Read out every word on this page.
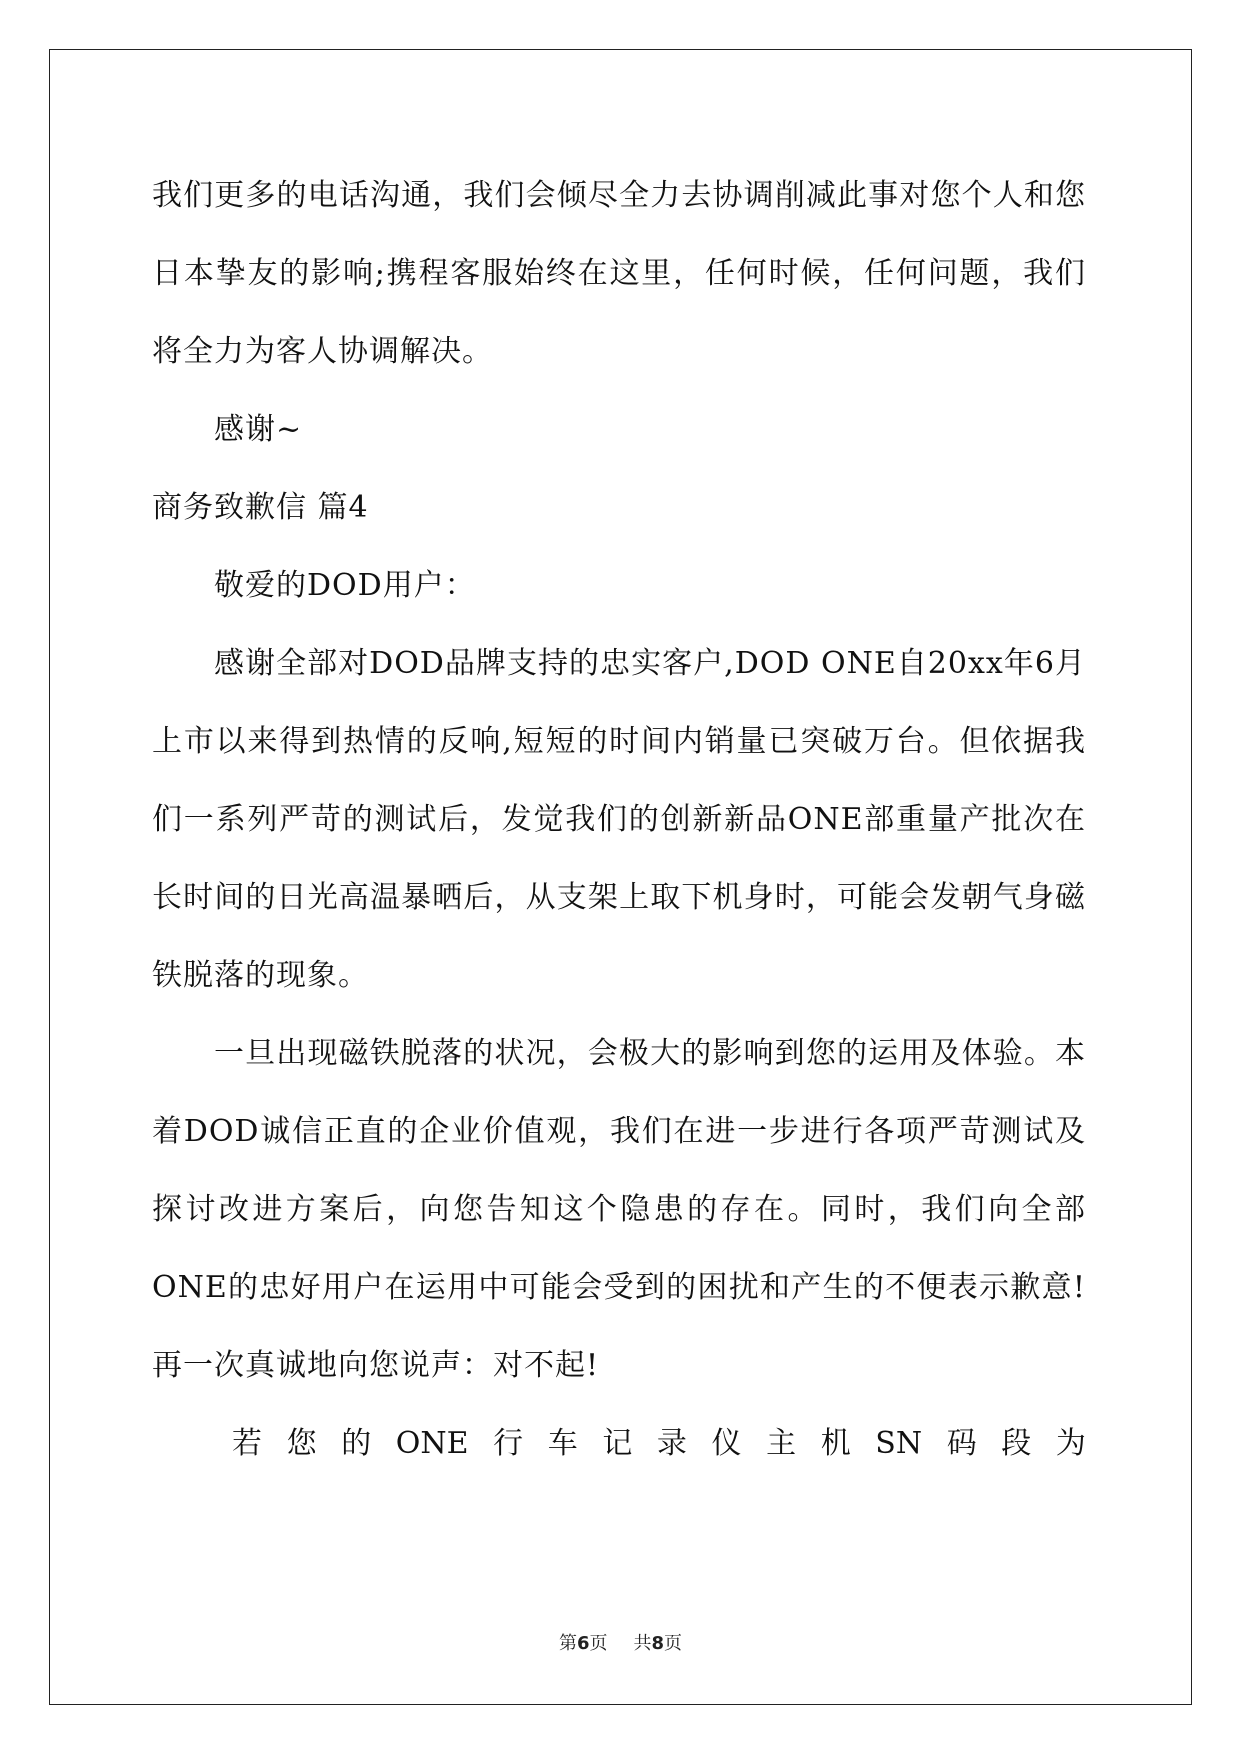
我们更多的电话沟通，我们会倾尽全力去协调削减此事对您个人和您日本挚友的影响;携程客服始终在这里，任何时候，任何问题，我们将全力为客人协调解决。

感谢~

商务致歉信 篇4

敬爱的DOD用户：

感谢全部对DOD品牌支持的忠实客户,DOD ONE自20xx年6月上市以来得到热情的反响,短短的时间内销量已突破万台。但依据我们一系列严苛的测试后，发觉我们的创新新品ONE部重量产批次在长时间的日光高温暴晒后，从支架上取下机身时，可能会发朝气身磁铁脱落的现象。

一旦出现磁铁脱落的状况，会极大的影响到您的运用及体验。本着DOD诚信正直的企业价值观，我们在进一步进行各项严苛测试及探讨改进方案后，向您告知这个隐患的存在。同时，我们向全部ONE的忠好用户在运用中可能会受到的困扰和产生的不便表示歉意!再一次真诚地向您说声：对不起!

若 您 的 ONE 行 车 记 录 仪 主 机 SN 码 段 为

第6页 共8页
